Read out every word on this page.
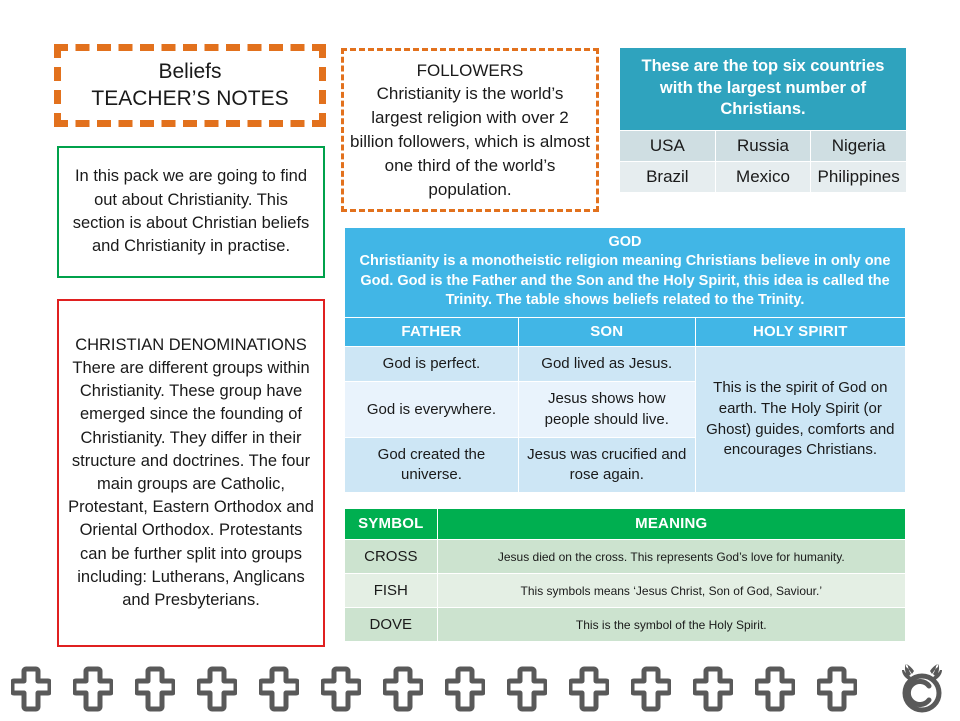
Beliefs
TEACHER’S NOTES
In this pack we are going to find out about Christianity. This section is about Christian beliefs and Christianity in practise.
CHRISTIAN DENOMINATIONS
There are different groups within Christianity. These group have emerged since the founding of Christianity. They differ in their structure and doctrines. The four main groups are Catholic, Protestant, Eastern Orthodox and Oriental Orthodox. Protestants can be further split into groups including: Lutherans, Anglicans and Presbyterians.
FOLLOWERS
Christianity is the world’s largest religion with over 2 billion followers, which is almost one third of the world’s population.
These are the top six countries with the largest number of Christians.		
USA	Russia	Nigeria
Brazil	Mexico	Philippines
GOD
Christianity is a monotheistic religion meaning Christians believe in only one God. God is the Father and the Son and the Holy Spirit, this idea is called the Trinity. The table shows beliefs related to the Trinity.		

FATHER	SON	HOLY SPIRIT
God is perfect.	God lived as Jesus.	This is the spirit of God on earth. The Holy Spirit (or Ghost) guides, comforts and encourages Christians.
God is everywhere.	Jesus shows how people should live.	
God created the universe.	Jesus was crucified and rose again.	
SYMBOL	MEANING
CROSS	Jesus died on the cross. This represents God’s love for humanity.
FISH	This symbols means ‘Jesus Christ, Son of God, Saviour.’
DOVE	This is the symbol of the Holy Spirit.
